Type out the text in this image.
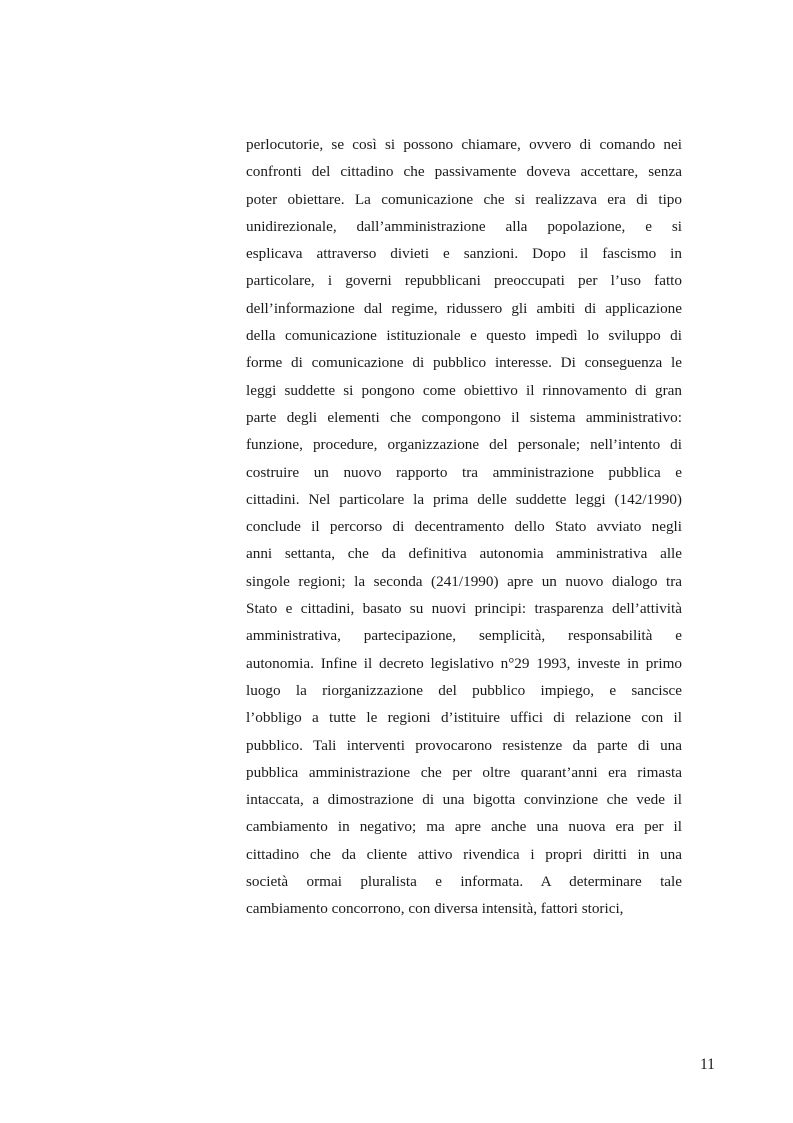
perlocutorie, se così si possono chiamare, ovvero di comando nei
confronti del cittadino che passivamente doveva accettare, senza
poter obiettare. La comunicazione che si realizzava era di tipo
unidirezionale, dall’amministrazione alla popolazione, e si
esplicava attraverso divieti e sanzioni. Dopo il fascismo in
particolare, i governi repubblicani preoccupati per l’uso fatto
dell’informazione dal regime, ridussero gli ambiti di applicazione
della comunicazione istituzionale e questo impedì lo sviluppo di
forme di comunicazione di pubblico interesse. Di conseguenza le
leggi suddette si pongono come obiettivo il rinnovamento di gran
parte degli elementi che compongono il sistema amministrativo:
funzione, procedure, organizzazione del personale; nell’intento di
costruire un nuovo rapporto tra amministrazione pubblica e
cittadini. Nel particolare la prima delle suddette leggi (142/1990)
conclude il percorso di decentramento dello Stato avviato negli
anni settanta, che da definitiva autonomia amministrativa alle
singole regioni; la seconda (241/1990) apre un nuovo dialogo tra
Stato e cittadini, basato su nuovi principi: trasparenza dell’attività
amministrativa, partecipazione, semplicità, responsabilità e
autonomia. Infine il decreto legislativo n°29 1993, investe in primo
luogo la riorganizzazione del pubblico impiego, e sancisce
l’obbligo a tutte le regioni d’istituire uffici di relazione con il
pubblico. Tali interventi provocarono resistenze da parte di una
pubblica amministrazione che per oltre quarant’anni era rimasta
intaccata, a dimostrazione di una bigotta convinzione che vede il
cambiamento in negativo; ma apre anche una nuova era per il
cittadino che da cliente attivo rivendica i propri diritti in una
società ormai pluralista e informata. A determinare tale
cambiamento concorrono, con diversa intensità, fattori storici,
11
